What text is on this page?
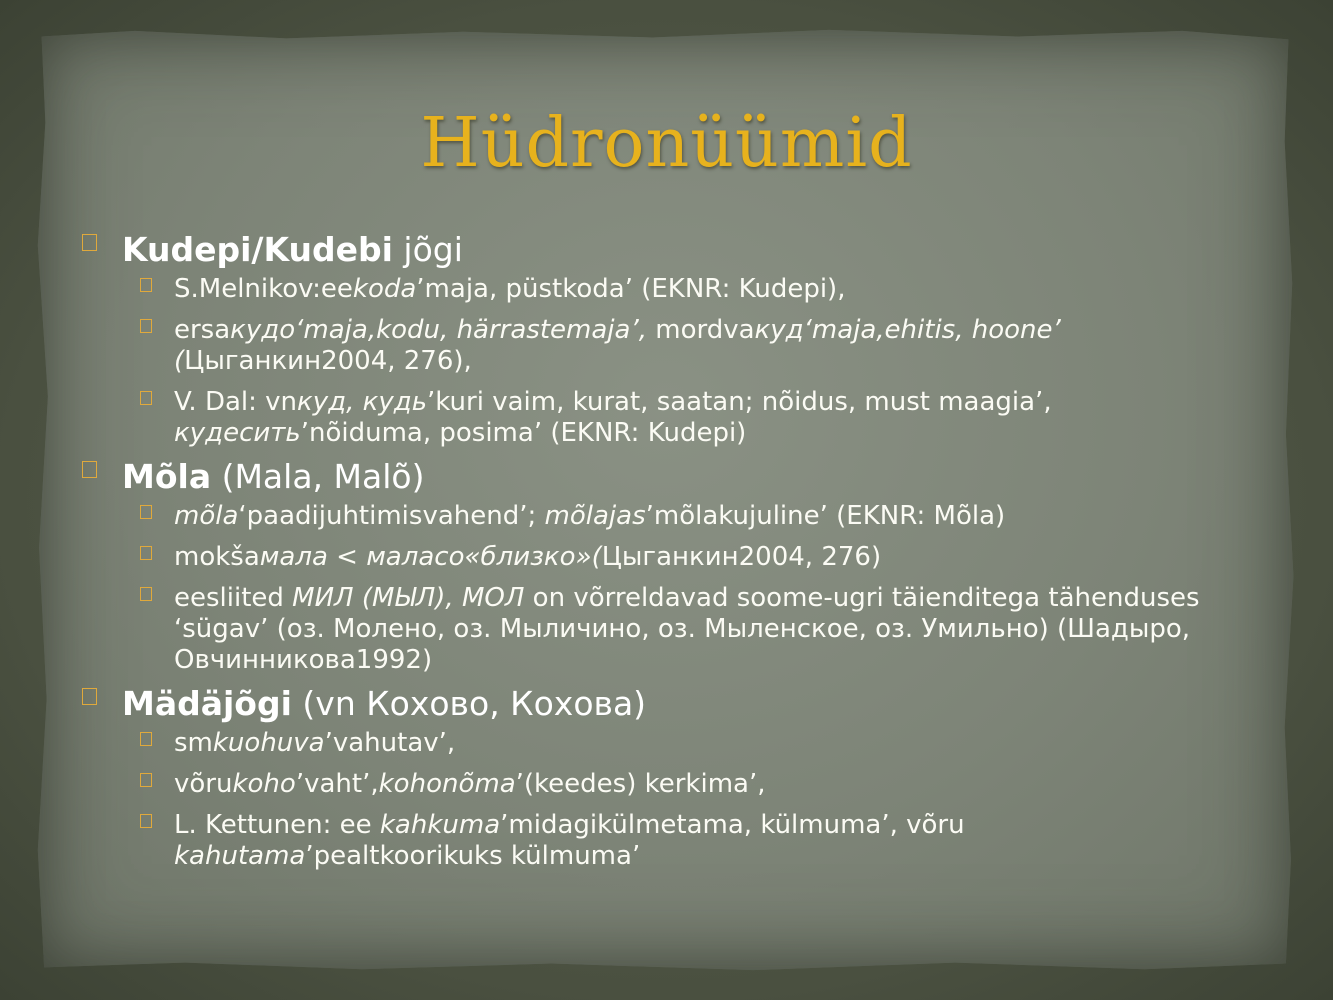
Hüdronüümid
Kudepi/Kudebi jõgi
S.Melnikov:eekoda’maja, püstkoda’ (EKNR: Kudepi),
ersaкудо‘maja,kodu, härrastemaja’, mordvaкуд‘maja,ehitis, hoone’ (Цыганкин2004, 276),
V. Dal: vnкуд, кудь’kuri vaim, kurat, saatan; nõidus, must maagia’, кудесить’nõiduma, posima’ (EKNR: Kudepi)
Mõla (Mala, Malõ)
mõla‘paadijuhtimisvahend’; mõlajas’mõlakujuline’ (EKNR: Mõla)
mokšaмала < маласо«близко»(Цыганкин2004, 276)
eesliited МИЛ (МЫЛ), МОЛ on võrreldavad soome-ugri täienditega tähenduses ‘sügav’ (оз. Молено, оз. Мыличино, оз. Мыленское, оз. Умильно) (Шадыро, Овчинникова1992)
Mädäjõgi (vn Кохово, Кохова)
smkuohuva’vahutav’,
võrukoho’vaht’,kohonõma’(keedes) kerkima’,
L. Kettunen: ee kahkuma’midagikülmetama, külmuma’, võru kahutama’pealtkoorikuks külmuma’
